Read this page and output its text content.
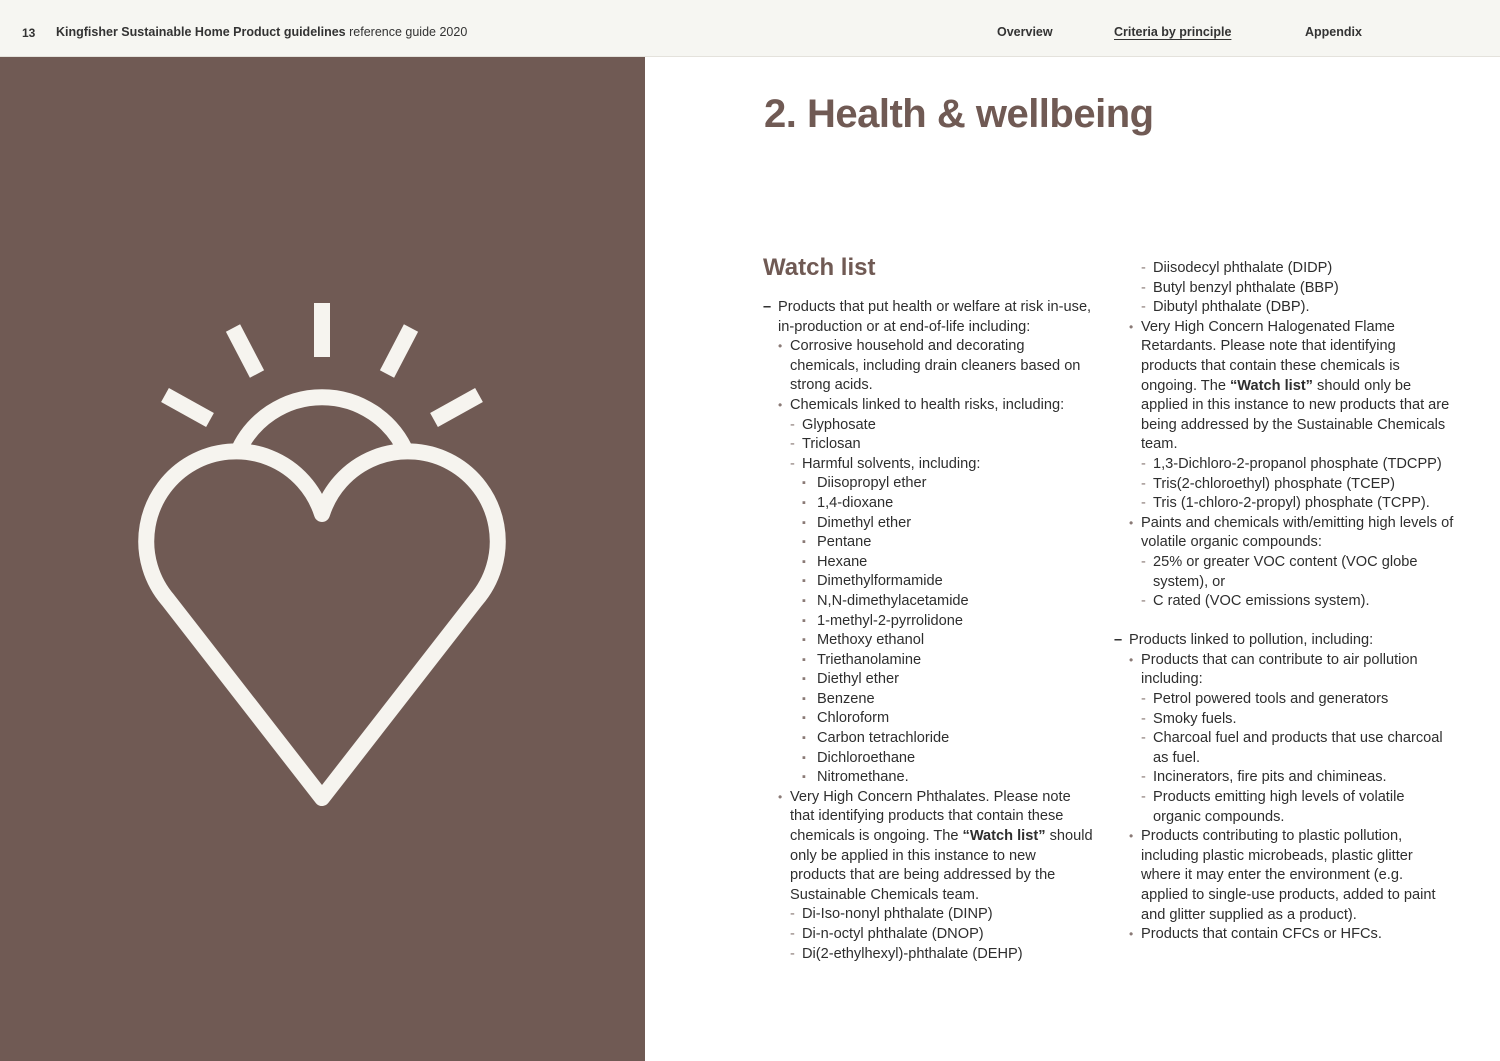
13 Kingfisher Sustainable Home Product guidelines reference guide 2020	Overview	Criteria by principle	Appendix
2. Health & wellbeing
Watch list
– Products that put health or welfare at risk in-use, in-production or at end-of-life including:
• Corrosive household and decorating chemicals, including drain cleaners based on strong acids.
• Chemicals linked to health risks, including:
- Glyphosate
- Triclosan
- Harmful solvents, including:
▪ Diisopropyl ether
▪ 1,4-dioxane
▪ Dimethyl ether
▪ Pentane
▪ Hexane
▪ Dimethylformamide
▪ N,N-dimethylacetamide
▪ 1-methyl-2-pyrrolidone
▪ Methoxy ethanol
▪ Triethanolamine
▪ Diethyl ether
▪ Benzene
▪ Chloroform
▪ Carbon tetrachloride
▪ Dichloroethane
▪ Nitromethane.
• Very High Concern Phthalates. Please note that identifying products that contain these chemicals is ongoing. The “Watch list” should only be applied in this instance to new products that are being addressed by the Sustainable Chemicals team.
- Di-Iso-nonyl phthalate (DINP)
- Di-n-octyl phthalate (DNOP)
- Di(2-ethylhexyl)-phthalate (DEHP)
- Diisodecyl phthalate (DIDP)
- Butyl benzyl phthalate (BBP)
- Dibutyl phthalate (DBP).
• Very High Concern Halogenated Flame Retardants. Please note that identifying products that contain these chemicals is ongoing. The “Watch list” should only be applied in this instance to new products that are being addressed by the Sustainable Chemicals team.
- 1,3-Dichloro-2-propanol phosphate (TDCPP)
- Tris(2-chloroethyl) phosphate (TCEP)
- Tris (1-chloro-2-propyl) phosphate (TCPP).
• Paints and chemicals with/emitting high levels of volatile organic compounds:
- 25% or greater VOC content (VOC globe system), or
- C rated (VOC emissions system).
– Products linked to pollution, including:
• Products that can contribute to air pollution including:
- Petrol powered tools and generators
- Smoky fuels.
- Charcoal fuel and products that use charcoal as fuel.
- Incinerators, fire pits and chimineas.
- Products emitting high levels of volatile organic compounds.
• Products contributing to plastic pollution, including plastic microbeads, plastic glitter where it may enter the environment (e.g. applied to single-use products, added to paint and glitter supplied as a product).
• Products that contain CFCs or HFCs.
